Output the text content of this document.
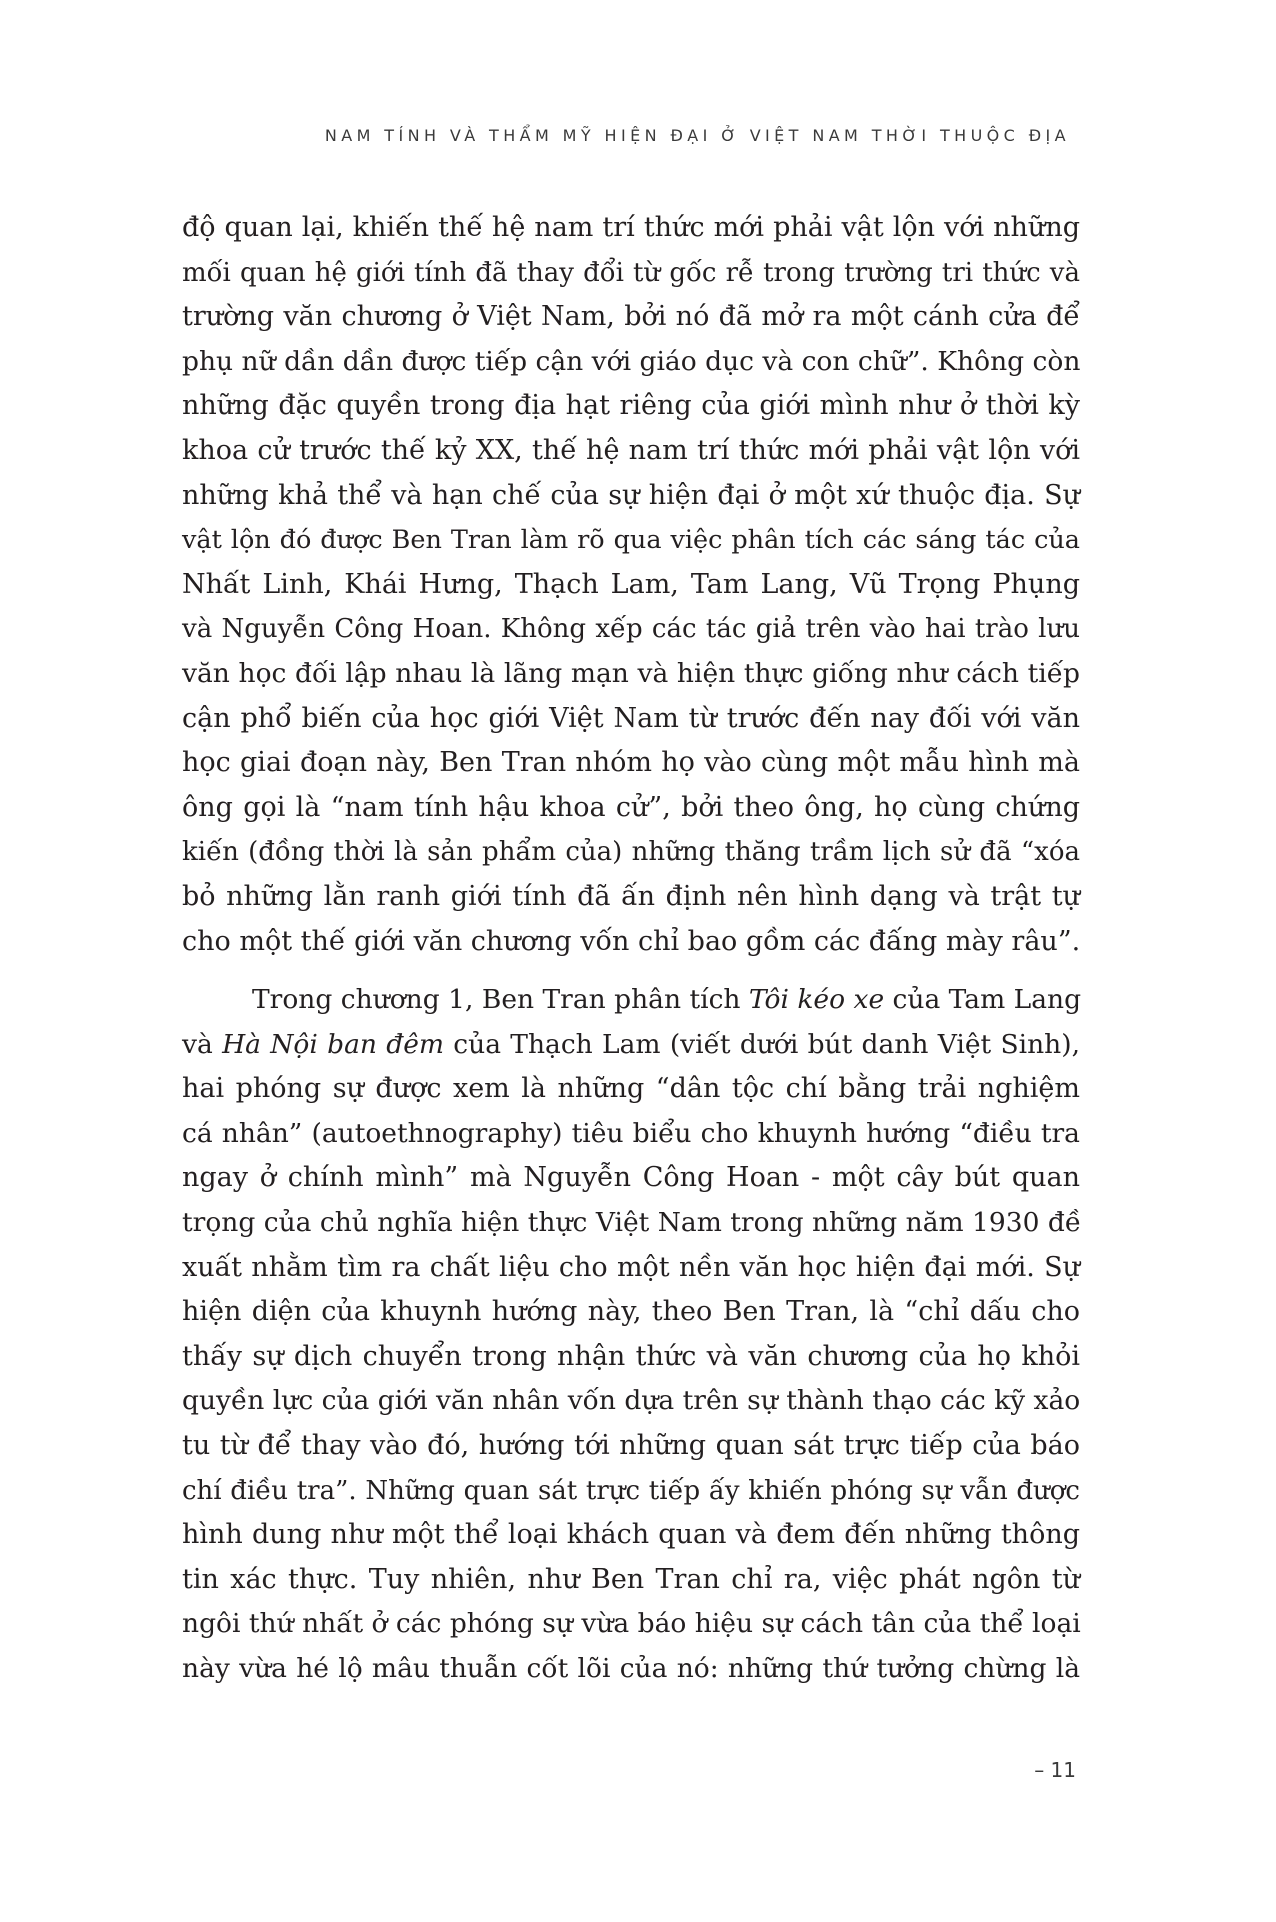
NAM TÍNH VÀ THẨM MỸ HIỆN ĐẠI Ở VIỆT NAM THỜI THUỘC ĐỊA
độ quan lại, khiến thế hệ nam trí thức mới phải vật lộn với những
mối quan hệ giới tính đã thay đổi từ gốc rễ trong trường tri thức và
trường văn chương ở Việt Nam, bởi nó đã mở ra một cánh cửa để
phụ nữ dần dần được tiếp cận với giáo dục và con chữ”. Không còn
những đặc quyền trong địa hạt riêng của giới mình như ở thời kỳ
khoa cử trước thế kỷ XX, thế hệ nam trí thức mới phải vật lộn với
những khả thể và hạn chế của sự hiện đại ở một xứ thuộc địa. Sự
vật lộn đó được Ben Tran làm rõ qua việc phân tích các sáng tác của
Nhất Linh, Khái Hưng, Thạch Lam, Tam Lang, Vũ Trọng Phụng
và Nguyễn Công Hoan. Không xếp các tác giả trên vào hai trào lưu
văn học đối lập nhau là lãng mạn và hiện thực giống như cách tiếp
cận phổ biến của học giới Việt Nam từ trước đến nay đối với văn
học giai đoạn này, Ben Tran nhóm họ vào cùng một mẫu hình mà
ông gọi là “nam tính hậu khoa cử”, bởi theo ông, họ cùng chứng
kiến (đồng thời là sản phẩm của) những thăng trầm lịch sử đã “xóa
bỏ những lằn ranh giới tính đã ấn định nên hình dạng và trật tự
cho một thế giới văn chương vốn chỉ bao gồm các đấng mày râu”.
Trong chương 1, Ben Tran phân tích Tôi kéo xe của Tam Lang
và Hà Nội ban đêm của Thạch Lam (viết dưới bút danh Việt Sinh),
hai phóng sự được xem là những “dân tộc chí bằng trải nghiệm
cá nhân” (autoethnography) tiêu biểu cho khuynh hướng “điều tra
ngay ở chính mình” mà Nguyễn Công Hoan - một cây bút quan
trọng của chủ nghĩa hiện thực Việt Nam trong những năm 1930 đề
xuất nhằm tìm ra chất liệu cho một nền văn học hiện đại mới. Sự
hiện diện của khuynh hướng này, theo Ben Tran, là “chỉ dấu cho
thấy sự dịch chuyển trong nhận thức và văn chương của họ khỏi
quyền lực của giới văn nhân vốn dựa trên sự thành thạo các kỹ xảo
tu từ để thay vào đó, hướng tới những quan sát trực tiếp của báo
chí điều tra”. Những quan sát trực tiếp ấy khiến phóng sự vẫn được
hình dung như một thể loại khách quan và đem đến những thông
tin xác thực. Tuy nhiên, như Ben Tran chỉ ra, việc phát ngôn từ
ngôi thứ nhất ở các phóng sự vừa báo hiệu sự cách tân của thể loại
này vừa hé lộ mâu thuẫn cốt lõi của nó: những thứ tưởng chừng là
– 11
